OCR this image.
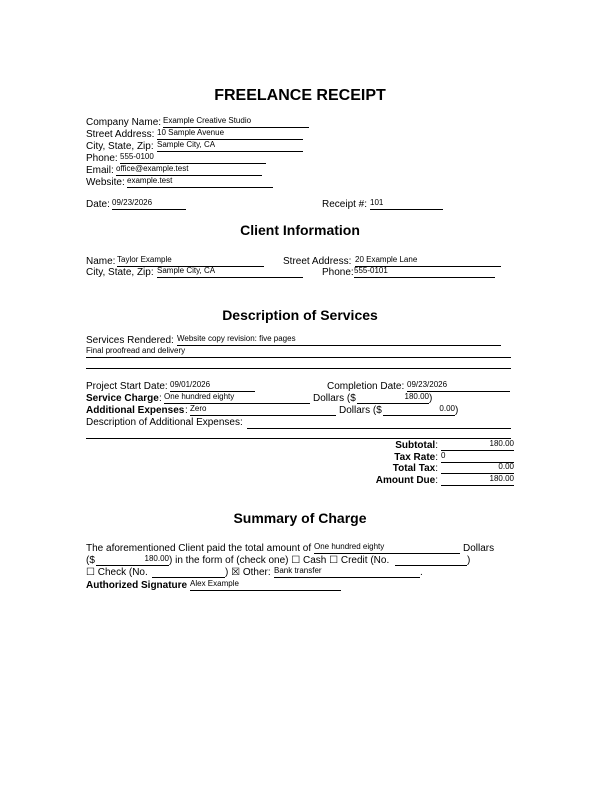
FREELANCE RECEIPT
Company Name: Example Creative Studio
Street Address: 10 Sample Avenue
City, State, Zip: Sample City, CA
Phone: 555-0100
Email: office@example.test
Website: example.test
Date: 09/23/2026	Receipt #: 101
Client Information
Name: Taylor Example	Street Address: 20 Example Lane
City, State, Zip: Sample City, CA	Phone: 555-0101
Description of Services
Services Rendered: Website copy revision: five pages
Final proofread and delivery
Project Start Date: 09/01/2026	Completion Date: 09/23/2026
Service Charge : One hundred eighty	Dollars ($	180.00 )
Additional Expenses : Zero	Dollars ($	0.00 )
Description of Additional Expenses:
Subtotal:	180.00
Tax Rate: 0
Total Tax:	0.00
Amount Due:	180.00
Summary of Charge
The aforementioned Client paid the total amount of One hundred eighty	Dollars
($	180.00 ) in the form of (check one) ☐ Cash ☐ Credit (No.	)
☐ Check (No.	) ☒ Other: Bank transfer	.
Authorized Signature Alex Example
